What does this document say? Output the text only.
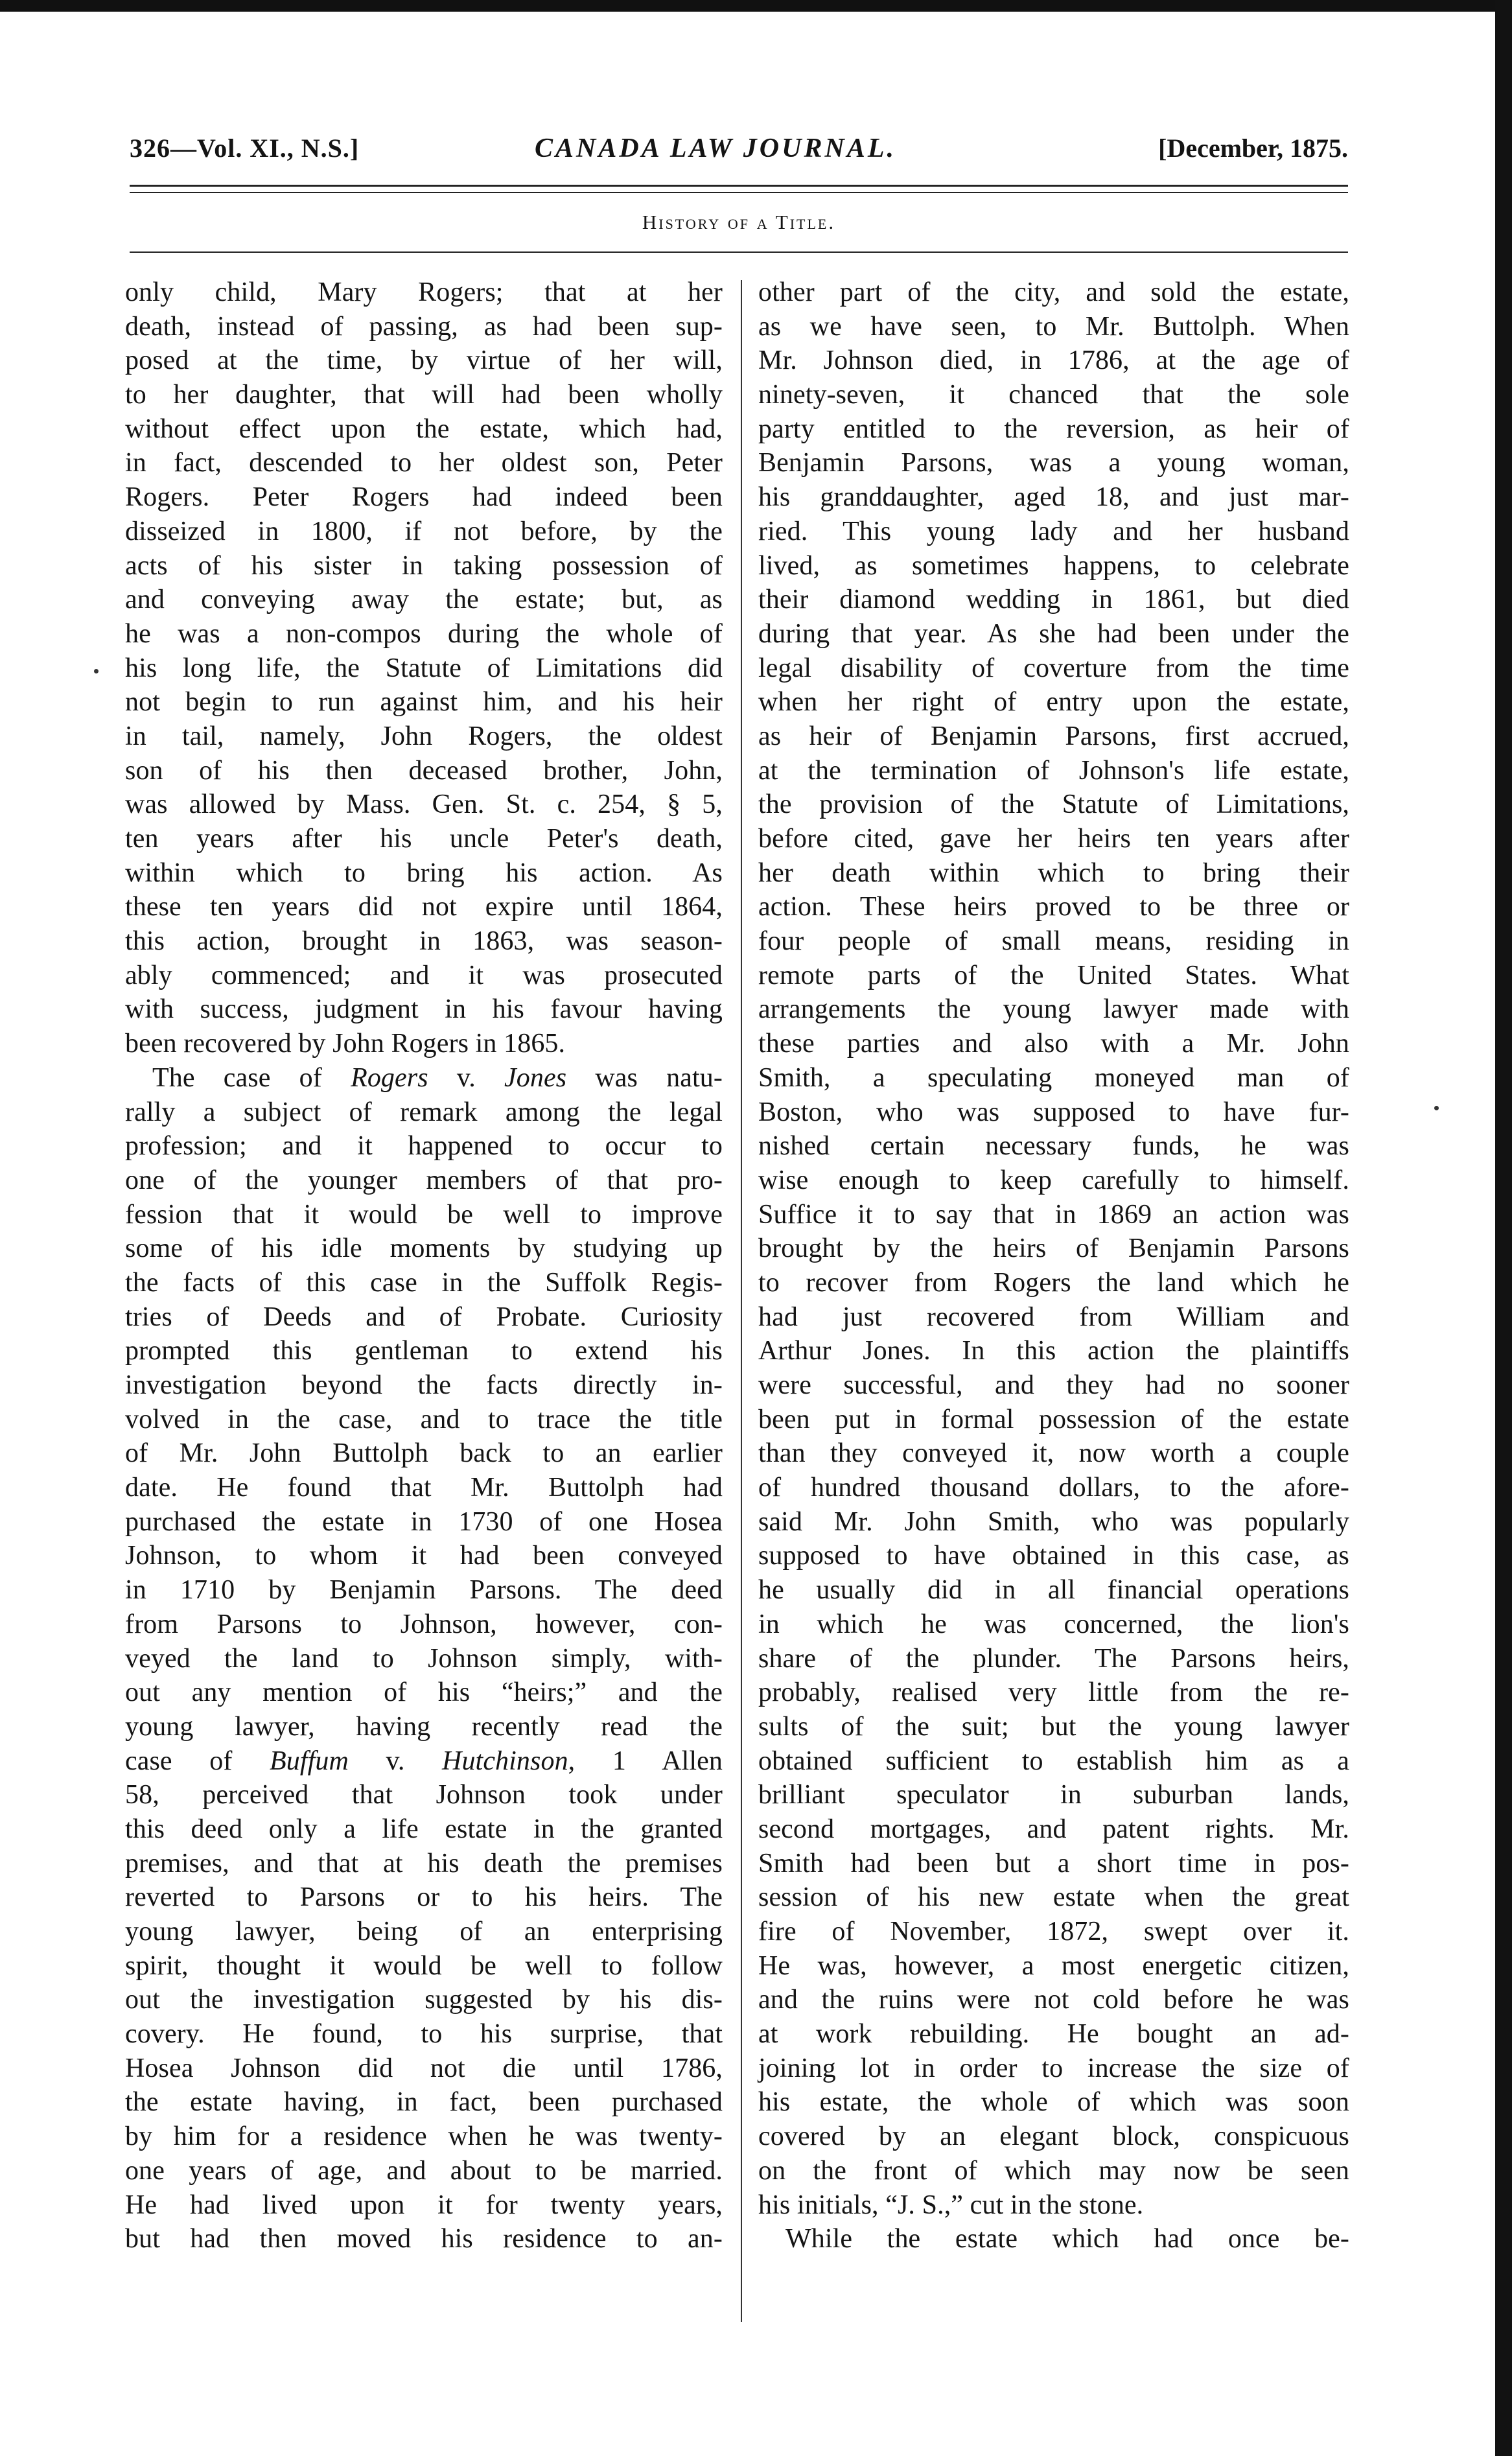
326—Vol. XI., N.S.]	CANADA LAW JOURNAL.	[December, 1875.
History of a Title.
only child, Mary Rogers; that at her
death, instead of passing, as had been sup-
posed at the time, by virtue of her will,
to her daughter, that will had been wholly
without effect upon the estate, which had,
in fact, descended to her oldest son, Peter
Rogers. Peter Rogers had indeed been
disseized in 1800, if not before, by the
acts of his sister in taking possession of
and conveying away the estate; but, as
he was a non-compos during the whole of
his long life, the Statute of Limitations did
not begin to run against him, and his heir
in tail, namely, John Rogers, the oldest
son of his then deceased brother, John,
was allowed by Mass. Gen. St. c. 254, § 5,
ten years after his uncle Peter's death,
within which to bring his action. As
these ten years did not expire until 1864,
this action, brought in 1863, was season-
ably commenced; and it was prosecuted
with success, judgment in his favour having
been recovered by John Rogers in 1865.
The case of Rogers v. Jones was natu-
rally a subject of remark among the legal
profession; and it happened to occur to
one of the younger members of that pro-
fession that it would be well to improve
some of his idle moments by studying up
the facts of this case in the Suffolk Regis-
tries of Deeds and of Probate. Curiosity
prompted this gentleman to extend his
investigation beyond the facts directly in-
volved in the case, and to trace the title
of Mr. John Buttolph back to an earlier
date. He found that Mr. Buttolph had
purchased the estate in 1730 of one Hosea
Johnson, to whom it had been conveyed
in 1710 by Benjamin Parsons. The deed
from Parsons to Johnson, however, con-
veyed the land to Johnson simply, with-
out any mention of his “heirs;” and the
young lawyer, having recently read the
case of Buffum v. Hutchinson, 1 Allen
58, perceived that Johnson took under
this deed only a life estate in the granted
premises, and that at his death the premises
reverted to Parsons or to his heirs. The
young lawyer, being of an enterprising
spirit, thought it would be well to follow
out the investigation suggested by his dis-
covery. He found, to his surprise, that
Hosea Johnson did not die until 1786,
the estate having, in fact, been purchased
by him for a residence when he was twenty-
one years of age, and about to be married.
He had lived upon it for twenty years,
but had then moved his residence to an-
other part of the city, and sold the estate,
as we have seen, to Mr. Buttolph. When
Mr. Johnson died, in 1786, at the age of
ninety-seven, it chanced that the sole
party entitled to the reversion, as heir of
Benjamin Parsons, was a young woman,
his granddaughter, aged 18, and just mar-
ried. This young lady and her husband
lived, as sometimes happens, to celebrate
their diamond wedding in 1861, but died
during that year. As she had been under the
legal disability of coverture from the time
when her right of entry upon the estate,
as heir of Benjamin Parsons, first accrued,
at the termination of Johnson's life estate,
the provision of the Statute of Limitations,
before cited, gave her heirs ten years after
her death within which to bring their
action. These heirs proved to be three or
four people of small means, residing in
remote parts of the United States. What
arrangements the young lawyer made with
these parties and also with a Mr. John
Smith, a speculating moneyed man of
Boston, who was supposed to have fur-
nished certain necessary funds, he was
wise enough to keep carefully to himself.
Suffice it to say that in 1869 an action was
brought by the heirs of Benjamin Parsons
to recover from Rogers the land which he
had just recovered from William and
Arthur Jones. In this action the plaintiffs
were successful, and they had no sooner
been put in formal possession of the estate
than they conveyed it, now worth a couple
of hundred thousand dollars, to the afore-
said Mr. John Smith, who was popularly
supposed to have obtained in this case, as
he usually did in all financial operations
in which he was concerned, the lion's
share of the plunder. The Parsons heirs,
probably, realised very little from the re-
sults of the suit; but the young lawyer
obtained sufficient to establish him as a
brilliant speculator in suburban lands,
second mortgages, and patent rights. Mr.
Smith had been but a short time in pos-
session of his new estate when the great
fire of November, 1872, swept over it.
He was, however, a most energetic citizen,
and the ruins were not cold before he was
at work rebuilding. He bought an ad-
joining lot in order to increase the size of
his estate, the whole of which was soon
covered by an elegant block, conspicuous
on the front of which may now be seen
his initials, “J. S.,” cut in the stone.
While the estate which had once be-
